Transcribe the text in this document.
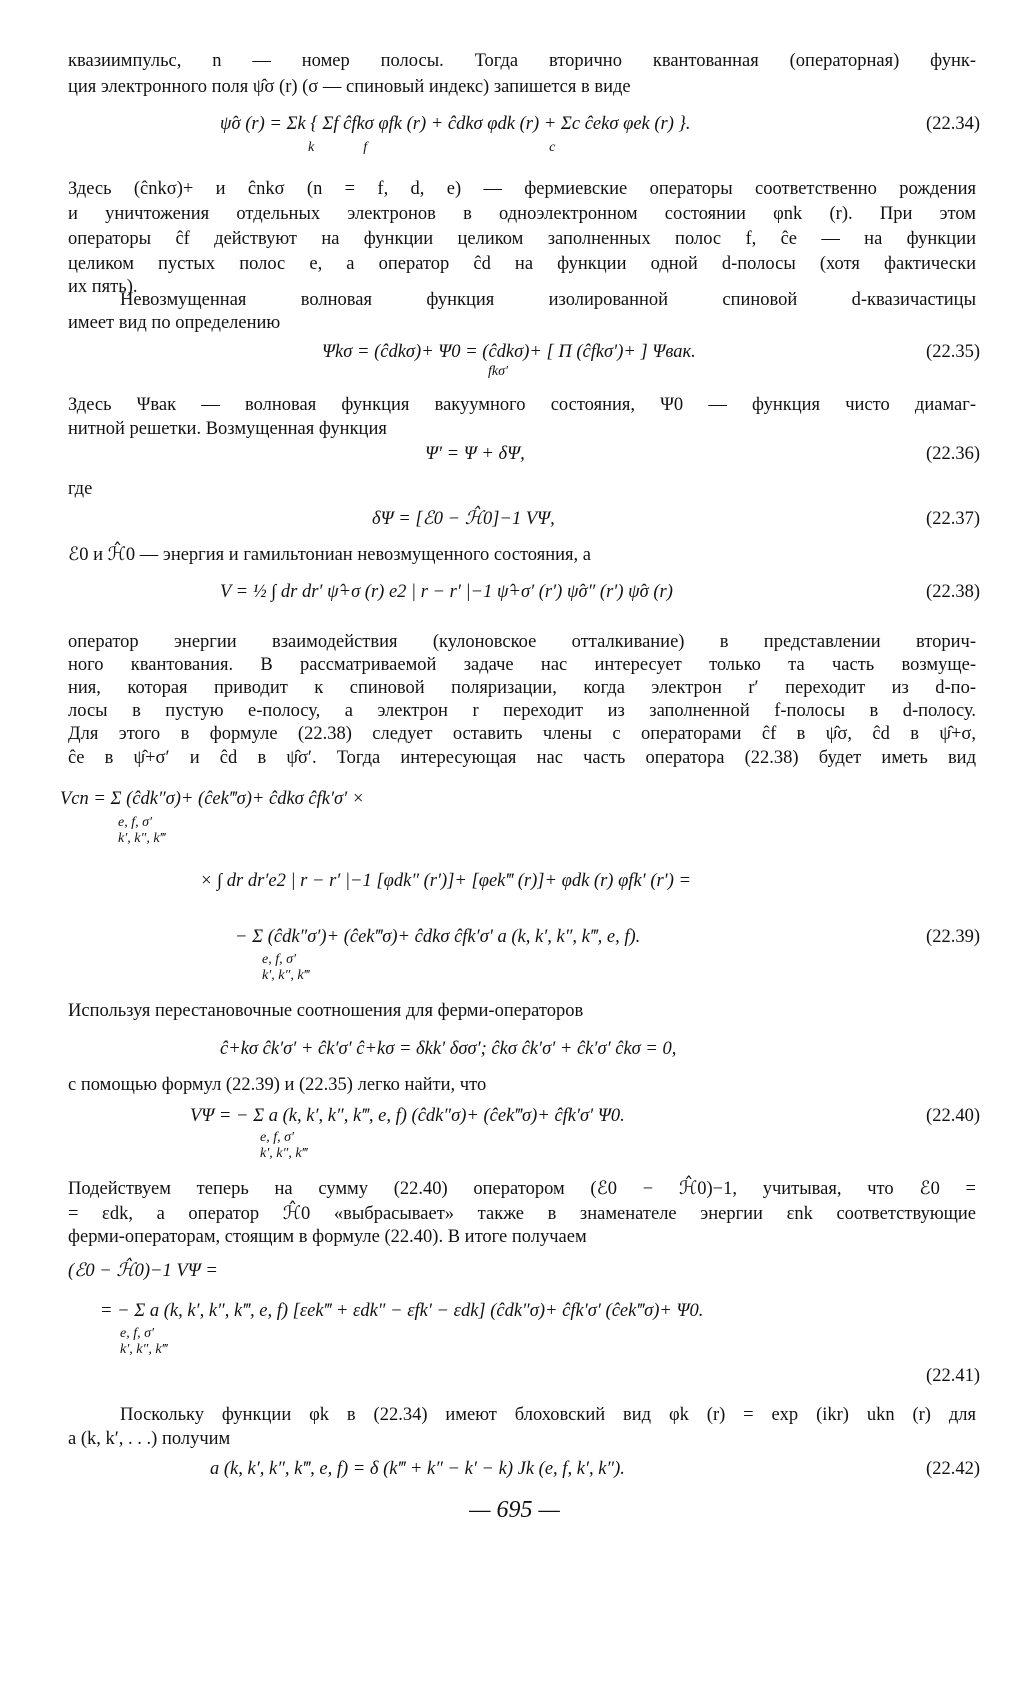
квазиимпульс, n — номер полосы. Тогда вторично квантованная (операторная) функ-
ция электронного поля ψ̂σ (r) (σ — спиновый индекс) запишется в виде
ψ̂σ (r) = Σk { Σf ĉfkσ φfk (r) + ĉdkσ φdk (r) + Σc ĉekσ φek (r) }.	(22.34)
k              f                                                    c
Здесь (ĉnkσ)+ и ĉnkσ (n = f, d, e) — фермиевские операторы соответственно рождения
и уничтожения отдельных электронов в одноэлектронном состоянии φnk (r). При этом
операторы ĉf действуют на функции целиком заполненных полос f, ĉe — на функции
целиком пустых полос e, а оператор ĉd на функции одной d-полосы (хотя фактически
их пять).
Невозмущенная волновая функция изолированной спиновой d-квазичастицы
имеет вид по определению
Ψkσ = (ĉdkσ)+ Ψ0 = (ĉdkσ)+ [ Π (ĉfkσ′)+ ] Ψвак.	(22.35)
fkσ′
Здесь Ψвак — волновая функция вакуумного состояния, Ψ0 — функция чисто диамаг-
нитной решетки. Возмущенная функция
Ψ′ = Ψ + δΨ,	(22.36)
где
δΨ = [ℰ0 − ℋ̂0]−1 VΨ,	(22.37)
ℰ0 и ℋ̂0 — энергия и гамильтониан невозмущенного состояния, а
V = ½ ∫ dr dr′ ψ̂+σ (r) e2 | r − r′ |−1 ψ̂+σ′ (r′) ψ̂σ″ (r′) ψ̂σ (r)	(22.38)
оператор энергии взаимодействия (кулоновское отталкивание) в представлении вторич-
ного квантования. В рассматриваемой задаче нас интересует только та часть возмуще-
ния, которая приводит к спиновой поляризации, когда электрон r′ переходит из d-по-
лосы в пустую e-полосу, а электрон r переходит из заполненной f-полосы в d-полосу.
Для этого в формуле (22.38) следует оставить члены с операторами ĉf в ψ̂σ, ĉd в ψ̂+σ,
ĉe в ψ̂+σ′ и ĉd в ψ̂σ′. Тогда интересующая нас часть оператора (22.38) будет иметь вид
Vсп = Σ (ĉdk″σ)+ (ĉek‴σ)+ ĉdkσ ĉfk′σ′ ×
e, f, σ′
k′, k″, k‴
× ∫ dr dr′e2 | r − r′ |−1 [φdk″ (r′)]+ [φek‴ (r)]+ φdk (r) φfk′ (r′) =
− Σ (ĉdk″σ′)+ (ĉek‴σ)+ ĉdkσ ĉfk′σ′ a (k, k′, k″, k‴, e, f).	(22.39)
e, f, σ′
k′, k″, k‴
Используя перестановочные соотношения для ферми-операторов
ĉ+kσ ĉk′σ′ + ĉk′σ′ ĉ+kσ = δkk′ δσσ′; ĉkσ ĉk′σ′ + ĉk′σ′ ĉkσ = 0,
с помощью формул (22.39) и (22.35) легко найти, что
VΨ = − Σ a (k, k′, k″, k‴, e, f) (ĉdk″σ)+ (ĉek‴σ)+ ĉfk′σ′ Ψ0.	(22.40)
e, f, σ′
k′, k″, k‴
Подействуем теперь на сумму (22.40) оператором (ℰ0 − ℋ̂0)−1, учитывая, что ℰ0 =
= εdk, а оператор ℋ̂0 «выбрасывает» также в знаменателе энергии εnk соответствующие
ферми-операторам, стоящим в формуле (22.40). В итоге получаем
(ℰ0 − ℋ̂0)−1 VΨ =
= − Σ a (k, k′, k″, k‴, e, f) [εek‴ + εdk″ − εfk′ − εdk] (ĉdk″σ)+ ĉfk′σ′ (ĉek‴σ)+ Ψ0.
e, f, σ′
k′, k″, k‴
(22.41)
Поскольку функции φk в (22.34) имеют блоховский вид φk (r) = exp (ikr) ukn (r) для
a (k, k′, . . .) получим
a (k, k′, k″, k‴, e, f) = δ (k‴ + k″ − k′ − k) Jk (e, f, k′, k″).	(22.42)
— 695 —
